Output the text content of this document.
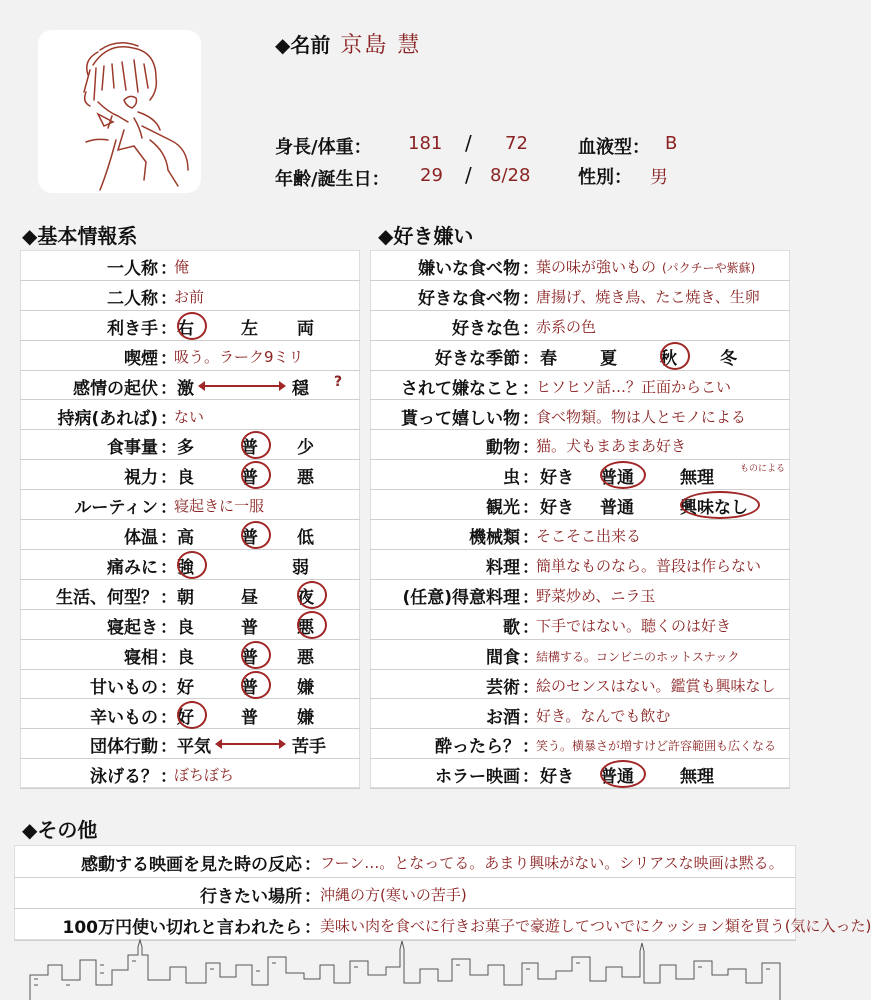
◆名前 京島 慧
身長/体重： 181 / 72	血液型： B
年齢/誕生日： 29 / 8/28	性別： 男
◆基本情報系
一人称 ：
俺
二人称 ：
お前
利き手 ： 右	左 両
喫煙 ：
吸う。ラーク9ミリ
感情の起伏 ： 激	穏 ?
持病(あれば) ：
ない
食事量 ： 多	普 少
視力 ： 良	普 悪
ルーティン ：
寝起きに一服
体温 ： 高	普 低
痛みに ： 強	弱
生活、何型？ ： 朝	昼 夜
寝起き ： 良	普 悪
寝相 ： 良	普 悪
甘いもの ： 好	普 嫌
辛いもの ： 好	普 嫌
団体行動 ： 平気	苦手
泳げる？ ：
ぼちぼち
◆好き嫌い
嫌いな食べ物 ：
葉の味が強いもの (パクチーや紫蘇)
好きな食べ物 ：
唐揚げ、焼き鳥、たこ焼き、生卵
好きな色 ：
赤系の色
好きな季節 ： 春	夏	秋	冬
されて嫌なこと ：
ヒソヒソ話…？正面からこい
貰って嬉しい物 ：
食べ物類。物は人とモノによる
動物 ：
猫。犬もまあまあ好き
虫 ： 好き 普通	無理	ものによる
観光 ： 好き 普通	興味なし
機械類 ：
そこそこ出来る
料理 ：
簡単なものなら。普段は作らない
(任意)得意料理 ：
野菜炒め、ニラ玉
歌 ：
下手ではない。聴くのは好き
間食 ：
結構する。コンビニのホットスナック
芸術 ：
絵のセンスはない。鑑賞も興味なし
お酒 ：
好き。なんでも飲む
酔ったら？ ：
笑う。横暴さが増すけど許容範囲も広くなる
ホラー映画 ： 好き 普通	無理
◆その他
感動する映画を見た時の反応 ： フーン…。となってる。あまり興味がない。シリアスな映画は黙る。
行きたい場所 ： 沖縄の方(寒いの苦手)
100万円使い切れと言われたら ： 美味い肉を食べに行きお菓子で豪遊してついでにクッション類を買う(気に入った)
